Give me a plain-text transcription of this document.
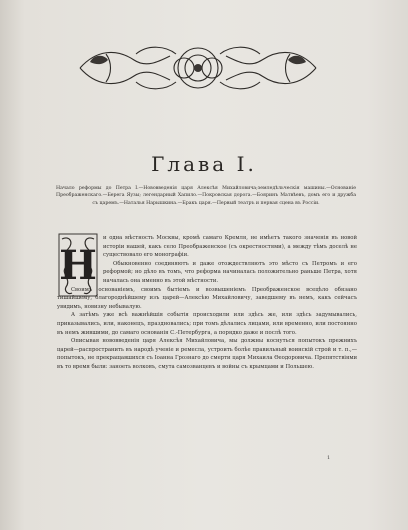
Глава I.

Начало реформы до Петра I.—Нововведенія царя Алексѣя Михайловича;земледѣльческія машины.—Основаніе Преображенскаго.—Берега Яузы; легендарный Хапило.—Покровская дорога.—Бояринъ Матвѣевъ, домъ его и дружба съ царемъ.—Наталья Нарышкина.—Бракъ царя.—Первый театръ и первая сцена въ Россіи.

Н

и одна мѣстность Москвы, кромѣ самаго Кремля, не имѣетъ такого значенія въ новой исторіи нашей, какъ село Преображенское (съ окрестностями), а между тѣмъ доселѣ не существовало его монографіи.

Обыкновенно соединяютъ и даже отождествляютъ это мѣсто съ Петромъ и его реформой; но дѣло въ томъ, что реформа начиналась положительно раньше Петра, хотя началась она именно въ этой мѣстности.

Своимъ основаніемъ, своимъ бытіемъ и возвышеніемъ Преображенское всецѣло обязано тишайшему, благороднѣйшему изъ царей—Алексѣю Михайловичу, заведшему въ немъ, какъ сейчасъ увидимъ, новизну небывалую.

А затѣмъ уже всѣ важнѣйшія событія происходили или здѣсь же, или здѣсь задумывались, приказывались, или, наконецъ, праздновались; при томъ дѣлались лицами, или временно, или постоянно въ немъ жившими, до самаго основанія С.-Петербурга, а порядко даже и послѣ того.

Описывая нововведенія царя Алексѣя Михайловича, мы должны коснуться попытокъ прежнихъ царей—распространить въ народѣ ученіе и ремесла, устроить болѣе правильный воинскій строй и т. п.,—попытокъ, не прекращавшихся съ Іоанна Грознаго до смерти царя Михаила Ѳеодоровича. Препятствіями въ то время были: заноеть волковъ, смута самозванцевъ и войны съ крымцами и Польшею.

1
